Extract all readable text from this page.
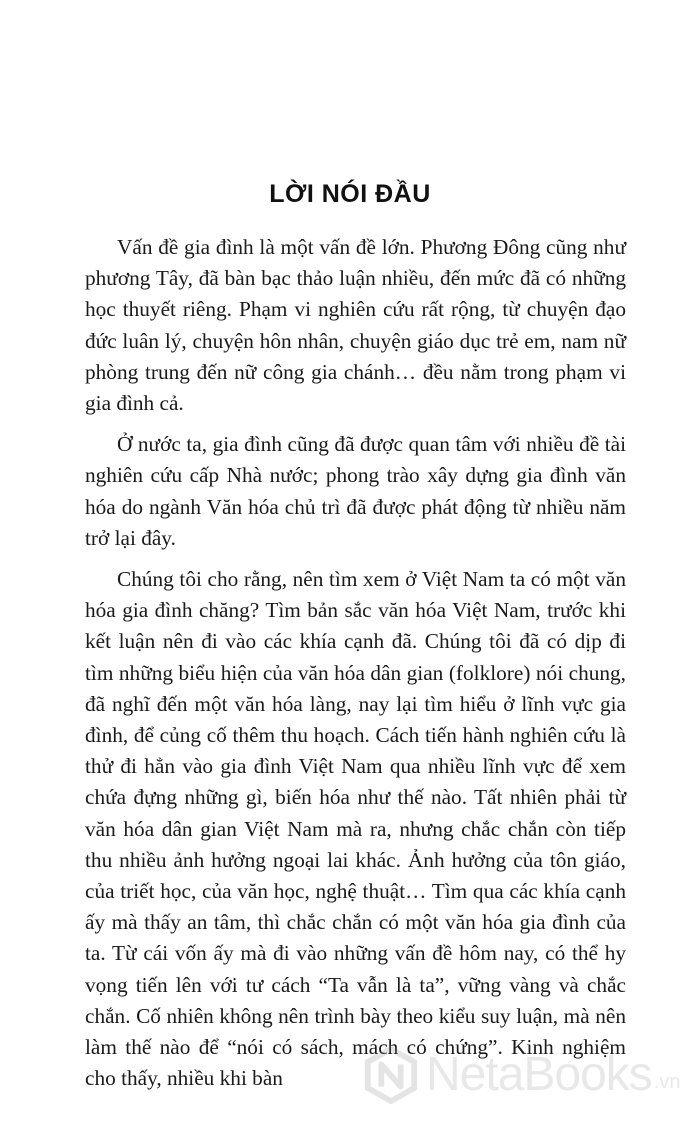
LỜI NÓI ĐẦU

Vấn đề gia đình là một vấn đề lớn. Phương Đông cũng như phương Tây, đã bàn bạc thảo luận nhiều, đến mức đã có những học thuyết riêng. Phạm vi nghiên cứu rất rộng, từ chuyện đạo đức luân lý, chuyện hôn nhân, chuyện giáo dục trẻ em, nam nữ phòng trung đến nữ công gia chánh… đều nằm trong phạm vi gia đình cả.

Ở nước ta, gia đình cũng đã được quan tâm với nhiều đề tài nghiên cứu cấp Nhà nước; phong trào xây dựng gia đình văn hóa do ngành Văn hóa chủ trì đã được phát động từ nhiều năm trở lại đây.

Chúng tôi cho rằng, nên tìm xem ở Việt Nam ta có một văn hóa gia đình chăng? Tìm bản sắc văn hóa Việt Nam, trước khi kết luận nên đi vào các khía cạnh đã. Chúng tôi đã có dịp đi tìm những biểu hiện của văn hóa dân gian (folklore) nói chung, đã nghĩ đến một văn hóa làng, nay lại tìm hiểu ở lĩnh vực gia đình, để củng cố thêm thu hoạch. Cách tiến hành nghiên cứu là thử đi hẳn vào gia đình Việt Nam qua nhiều lĩnh vực để xem chứa đựng những gì, biến hóa như thế nào. Tất nhiên phải từ văn hóa dân gian Việt Nam mà ra, nhưng chắc chắn còn tiếp thu nhiều ảnh hưởng ngoại lai khác. Ảnh hưởng của tôn giáo, của triết học, của văn học, nghệ thuật… Tìm qua các khía cạnh ấy mà thấy an tâm, thì chắc chắn có một văn hóa gia đình của ta. Từ cái vốn ấy mà đi vào những vấn đề hôm nay, có thể hy vọng tiến lên với tư cách “Ta vẫn là ta”, vững vàng và chắc chắn. Cố nhiên không nên trình bày theo kiểu suy luận, mà nên làm thế nào để “nói có sách, mách có chứng”. Kinh nghiệm cho thấy, nhiều khi bàn	NetaBooks .vn
